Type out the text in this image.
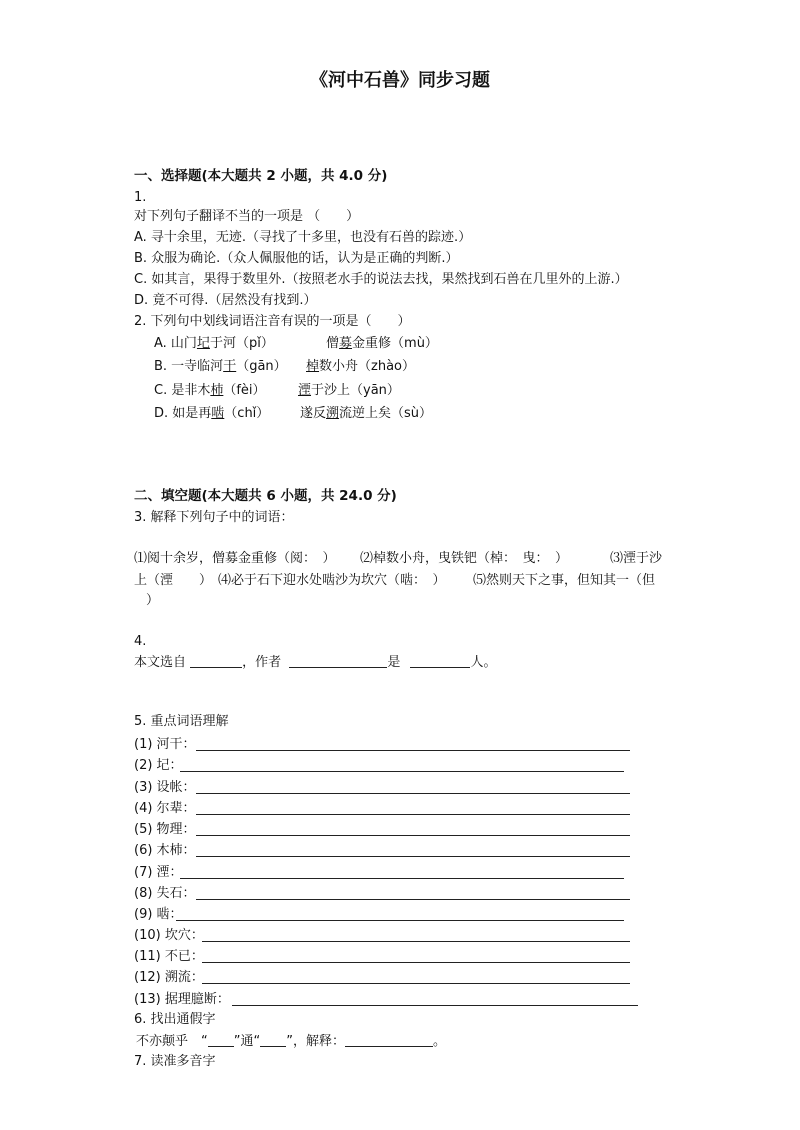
《河中石兽》同步习题
一、选择题(本大题共 2 小题，共 4.0 分)
1.
对下列句子翻译不当的一项是 （　　）
A. 寻十余里，无迹.（寻找了十多里，也没有石兽的踪迹.）
B. 众服为确论.（众人佩服他的话，认为是正确的判断.）
C. 如其言，果得于数里外.（按照老水手的说法去找，果然找到石兽在几里外的上游.）
D. 竟不可得.（居然没有找到.）
2. 下列句中划线词语注音有误的一项是（　　）
A. 山门圮于河（pǐ）	僧募金重修（mù）
B. 一寺临河干（gān） 棹数小舟（zhào）
C. 是非木杮（fèi） 湮于沙上（yān）
D. 如是再啮（chǐ） 遂反溯流逆上矣（sù）
二、填空题(本大题共 6 小题，共 24.0 分)
3. 解释下列句子中的词语：
⑴阅十余岁，僧募金重修（阅：　） ⑵棹数小舟，曳铁钯（棹：　曳：　）	⑶湮于沙
上（湮　　） ⑷必于石下迎水处啮沙为坎穴（啮：　） ⑸然则天下之事，但知其一（但
）
4.
本文选自	，作者	是	人。
5. 重点词语理解
(1) 河干：
(2) 圮：
(3) 设帐：
(4) 尔辈：
(5) 物理：
(6) 木杮：
(7) 湮：
(8) 失石：
(9) 啮：
(10) 坎穴：
(11) 不已：
(12) 溯流：
(13) 据理臆断：
6. 找出通假字
不亦颠乎　“ ”通“ ”，解释：	。
7. 读准多音字
